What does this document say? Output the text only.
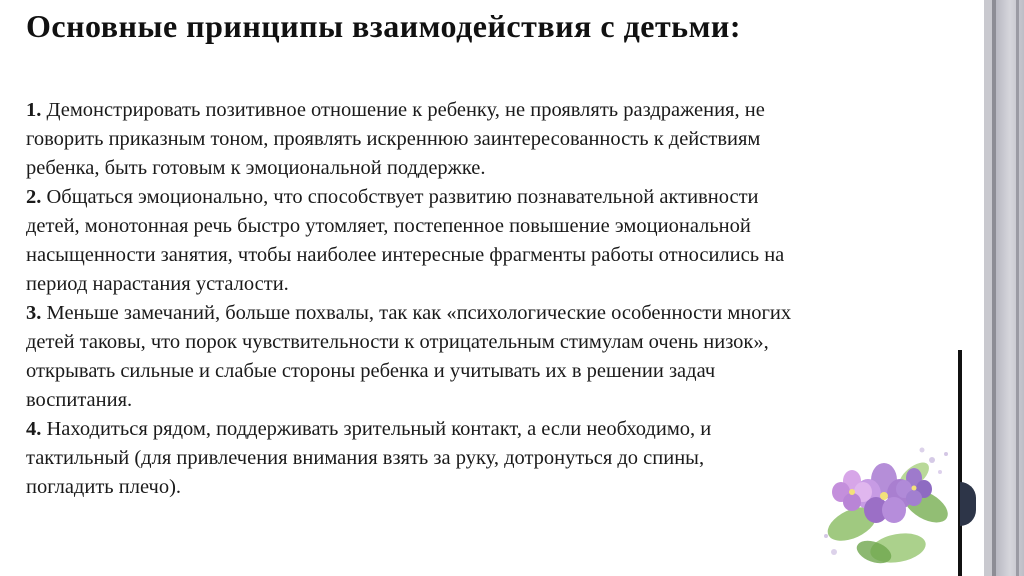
Основные принципы взаимодействия с детьми:

1. Демонстрировать позитивное отношение к ребенку, не проявлять раздражения, не говорить приказным тоном, проявлять искреннюю заинтересованность к действиям ребенка, быть готовым к эмоциональной поддержке.

2. Общаться эмоционально, что способствует развитию познавательной активности детей, монотонная речь быстро утомляет, постепенное повышение эмоциональной насыщенности занятия, чтобы наиболее интересные фрагменты работы относились на период нарастания усталости.

3. Меньше замечаний, больше похвалы, так как «психологические особенности многих детей таковы, что порок чувствительности к отрицательным стимулам очень низок», открывать сильные и слабые стороны ребенка и учитывать их в решении задач воспитания.

4. Находиться рядом, поддерживать зрительный контакт, а если необходимо, и тактильный (для привлечения внимания взять за руку, дотронуться до спины, погладить плечо).
